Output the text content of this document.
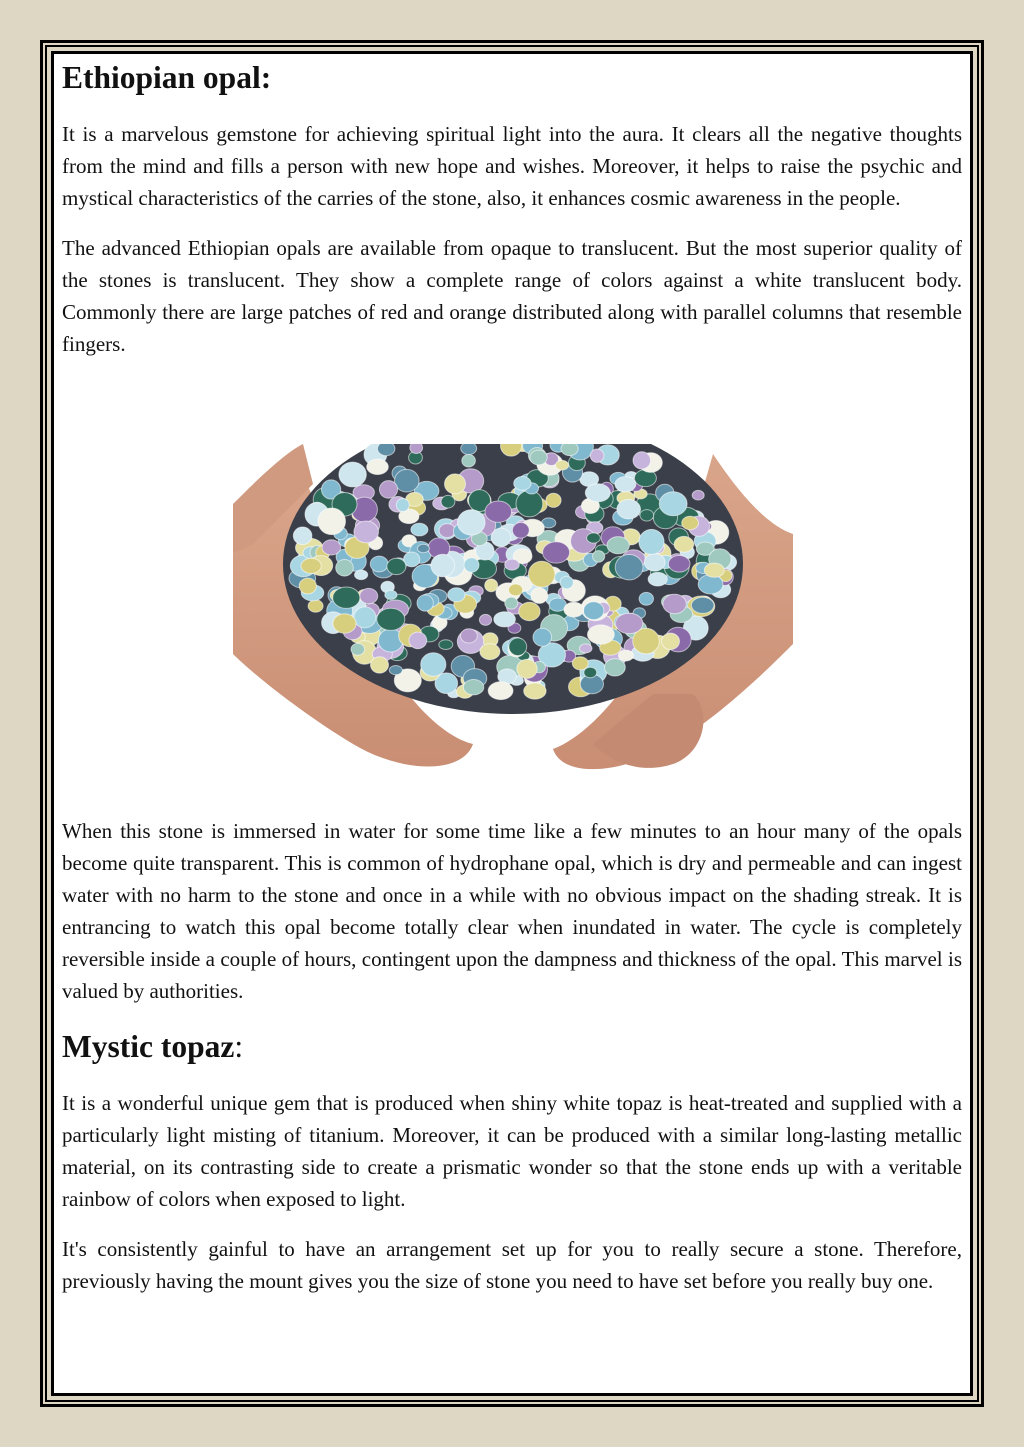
Ethiopian opal:

It is a marvelous gemstone for achieving spiritual light into the aura. It clears all the negative thoughts from the mind and fills a person with new hope and wishes. Moreover, it helps to raise the psychic and mystical characteristics of the carries of the stone, also, it enhances cosmic awareness in the people.

The advanced Ethiopian opals are available from opaque to translucent. But the most superior quality of the stones is translucent. They show a complete range of colors against a white translucent body. Commonly there are large patches of red and orange distributed along with parallel columns that resemble fingers.

When this stone is immersed in water for some time like a few minutes to an hour many of the opals become quite transparent. This is common of hydrophane opal, which is dry and permeable and can ingest water with no harm to the stone and once in a while with no obvious impact on the shading streak. It is entrancing to watch this opal become totally clear when inundated in water. The cycle is completely reversible inside a couple of hours, contingent upon the dampness and thickness of the opal. This marvel is valued by authorities.

Mystic topaz:

It is a wonderful unique gem that is produced when shiny white topaz is heat-treated and supplied with a particularly light misting of titanium. Moreover, it can be produced with a similar long-lasting metallic material, on its contrasting side to create a prismatic wonder so that the stone ends up with a veritable rainbow of colors when exposed to light.

It's consistently gainful to have an arrangement set up for you to really secure a stone. Therefore, previously having the mount gives you the size of stone you need to have set before you really buy one.
